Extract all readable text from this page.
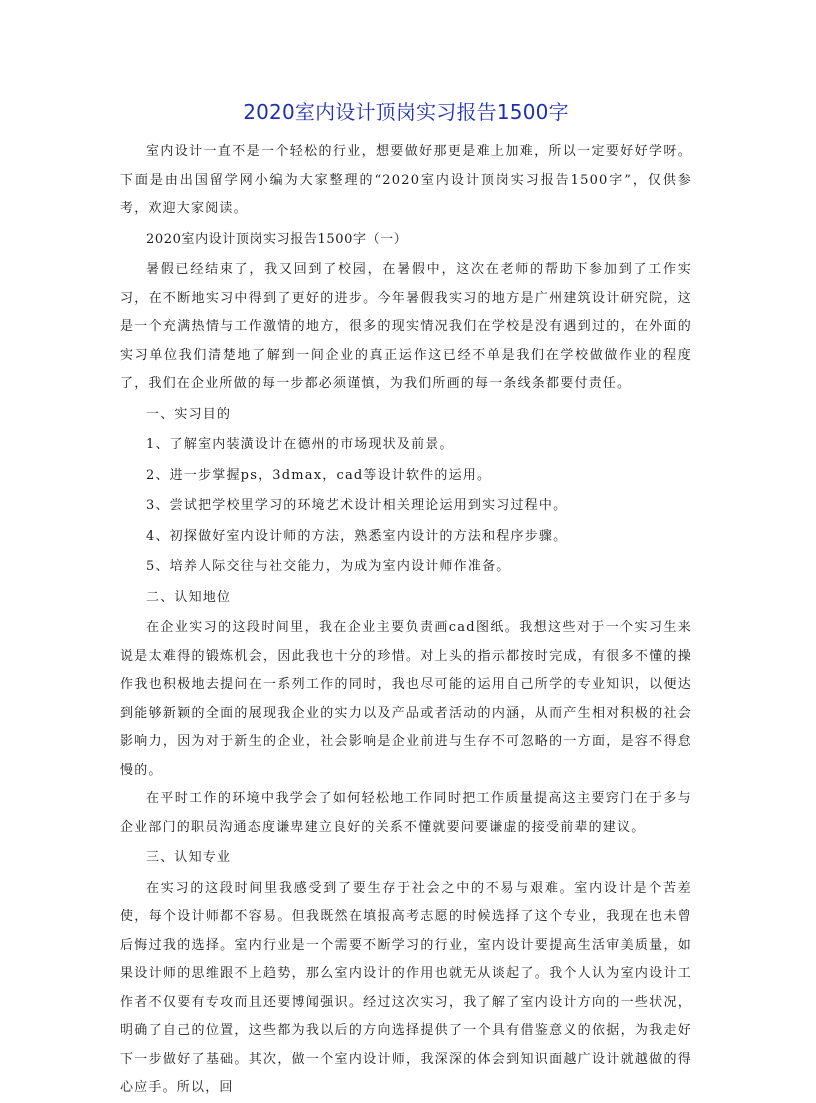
2020室内设计顶岗实习报告1500字

室内设计一直不是一个轻松的行业，想要做好那更是难上加难，所以一定要好好学呀。下面是由出国留学网小编为大家整理的“2020室内设计顶岗实习报告1500字”，仅供参考，欢迎大家阅读。

2020室内设计顶岗实习报告1500字（一）

暑假已经结束了，我又回到了校园，在暑假中，这次在老师的帮助下参加到了工作实习，在不断地实习中得到了更好的进步。今年暑假我实习的地方是广州建筑设计研究院，这是一个充满热情与工作激情的地方，很多的现实情况我们在学校是没有遇到过的，在外面的实习单位我们清楚地了解到一间企业的真正运作这已经不单是我们在学校做做作业的程度了，我们在企业所做的每一步都必须谨慎，为我们所画的每一条线条都要付责任。

一、实习目的

1、了解室内装潢设计在德州的市场现状及前景。

2、进一步掌握ps，3dmax，cad等设计软件的运用。

3、尝试把学校里学习的环境艺术设计相关理论运用到实习过程中。

4、初探做好室内设计师的方法，熟悉室内设计的方法和程序步骤。

5、培养人际交往与社交能力，为成为室内设计师作准备。

二、认知地位

在企业实习的这段时间里，我在企业主要负责画cad图纸。我想这些对于一个实习生来说是太难得的锻炼机会，因此我也十分的珍惜。对上头的指示都按时完成，有很多不懂的操作我也积极地去提问在一系列工作的同时，我也尽可能的运用自己所学的专业知识，以便达到能够新颖的全面的展现我企业的实力以及产品或者活动的内涵，从而产生相对积极的社会影响力，因为对于新生的企业，社会影响是企业前进与生存不可忽略的一方面，是容不得怠慢的。

在平时工作的环境中我学会了如何轻松地工作同时把工作质量提高这主要窍门在于多与企业部门的职员沟通态度谦卑建立良好的关系不懂就要问要谦虚的接受前辈的建议。

三、认知专业

在实习的这段时间里我感受到了要生存于社会之中的不易与艰难。室内设计是个苦差使，每个设计师都不容易。但我既然在填报高考志愿的时候选择了这个专业，我现在也未曾后悔过我的选择。室内行业是一个需要不断学习的行业，室内设计要提高生活审美质量，如果设计师的思维跟不上趋势，那么室内设计的作用也就无从谈起了。我个人认为室内设计工作者不仅要有专攻而且还要博闻强识。经过这次实习，我了解了室内设计方向的一些状况，明确了自己的位置，这些都为我以后的方向选择提供了一个具有借鉴意义的依据，为我走好下一步做好了基础。其次，做一个室内设计师，我深深的体会到知识面越广设计就越做的得心应手。所以，回
